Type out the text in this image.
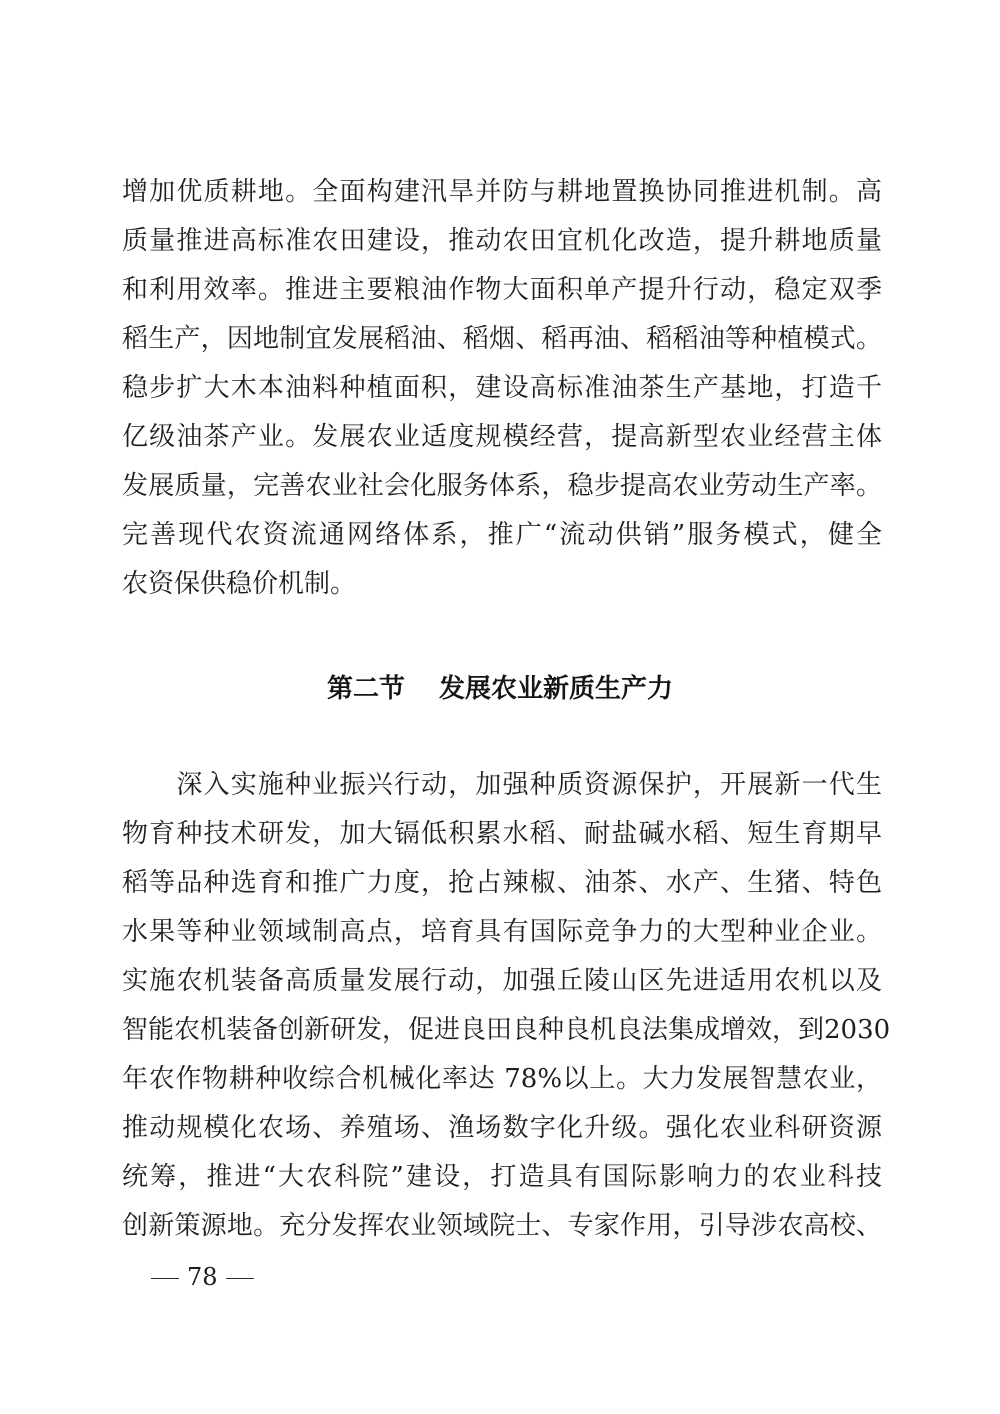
增加优质耕地。全面构建汛旱并防与耕地置换协同推进机制。高
质量推进高标准农田建设，推动农田宜机化改造，提升耕地质量
和利用效率。推进主要粮油作物大面积单产提升行动，稳定双季
稻生产，因地制宜发展稻油、稻烟、稻再油、稻稻油等种植模式。
稳步扩大木本油料种植面积，建设高标准油茶生产基地，打造千
亿级油茶产业。发展农业适度规模经营，提高新型农业经营主体
发展质量，完善农业社会化服务体系，稳步提高农业劳动生产率。
完善现代农资流通网络体系，推广“流动供销”服务模式，健全
农资保供稳价机制。
第二节 发展农业新质生产力
　　深入实施种业振兴行动，加强种质资源保护，开展新一代生
物育种技术研发，加大镉低积累水稻、耐盐碱水稻、短生育期早
稻等品种选育和推广力度，抢占辣椒、油茶、水产、生猪、特色
水果等种业领域制高点，培育具有国际竞争力的大型种业企业。
实施农机装备高质量发展行动，加强丘陵山区先进适用农机以及
智能农机装备创新研发，促进良田良种良机良法集成增效，到2030
年农作物耕种收综合机械化率达 78%以上。大力发展智慧农业，
推动规模化农场、养殖场、渔场数字化升级。强化农业科研资源
统筹，推进“大农科院”建设，打造具有国际影响力的农业科技
创新策源地。充分发挥农业领域院士、专家作用，引导涉农高校、
78
